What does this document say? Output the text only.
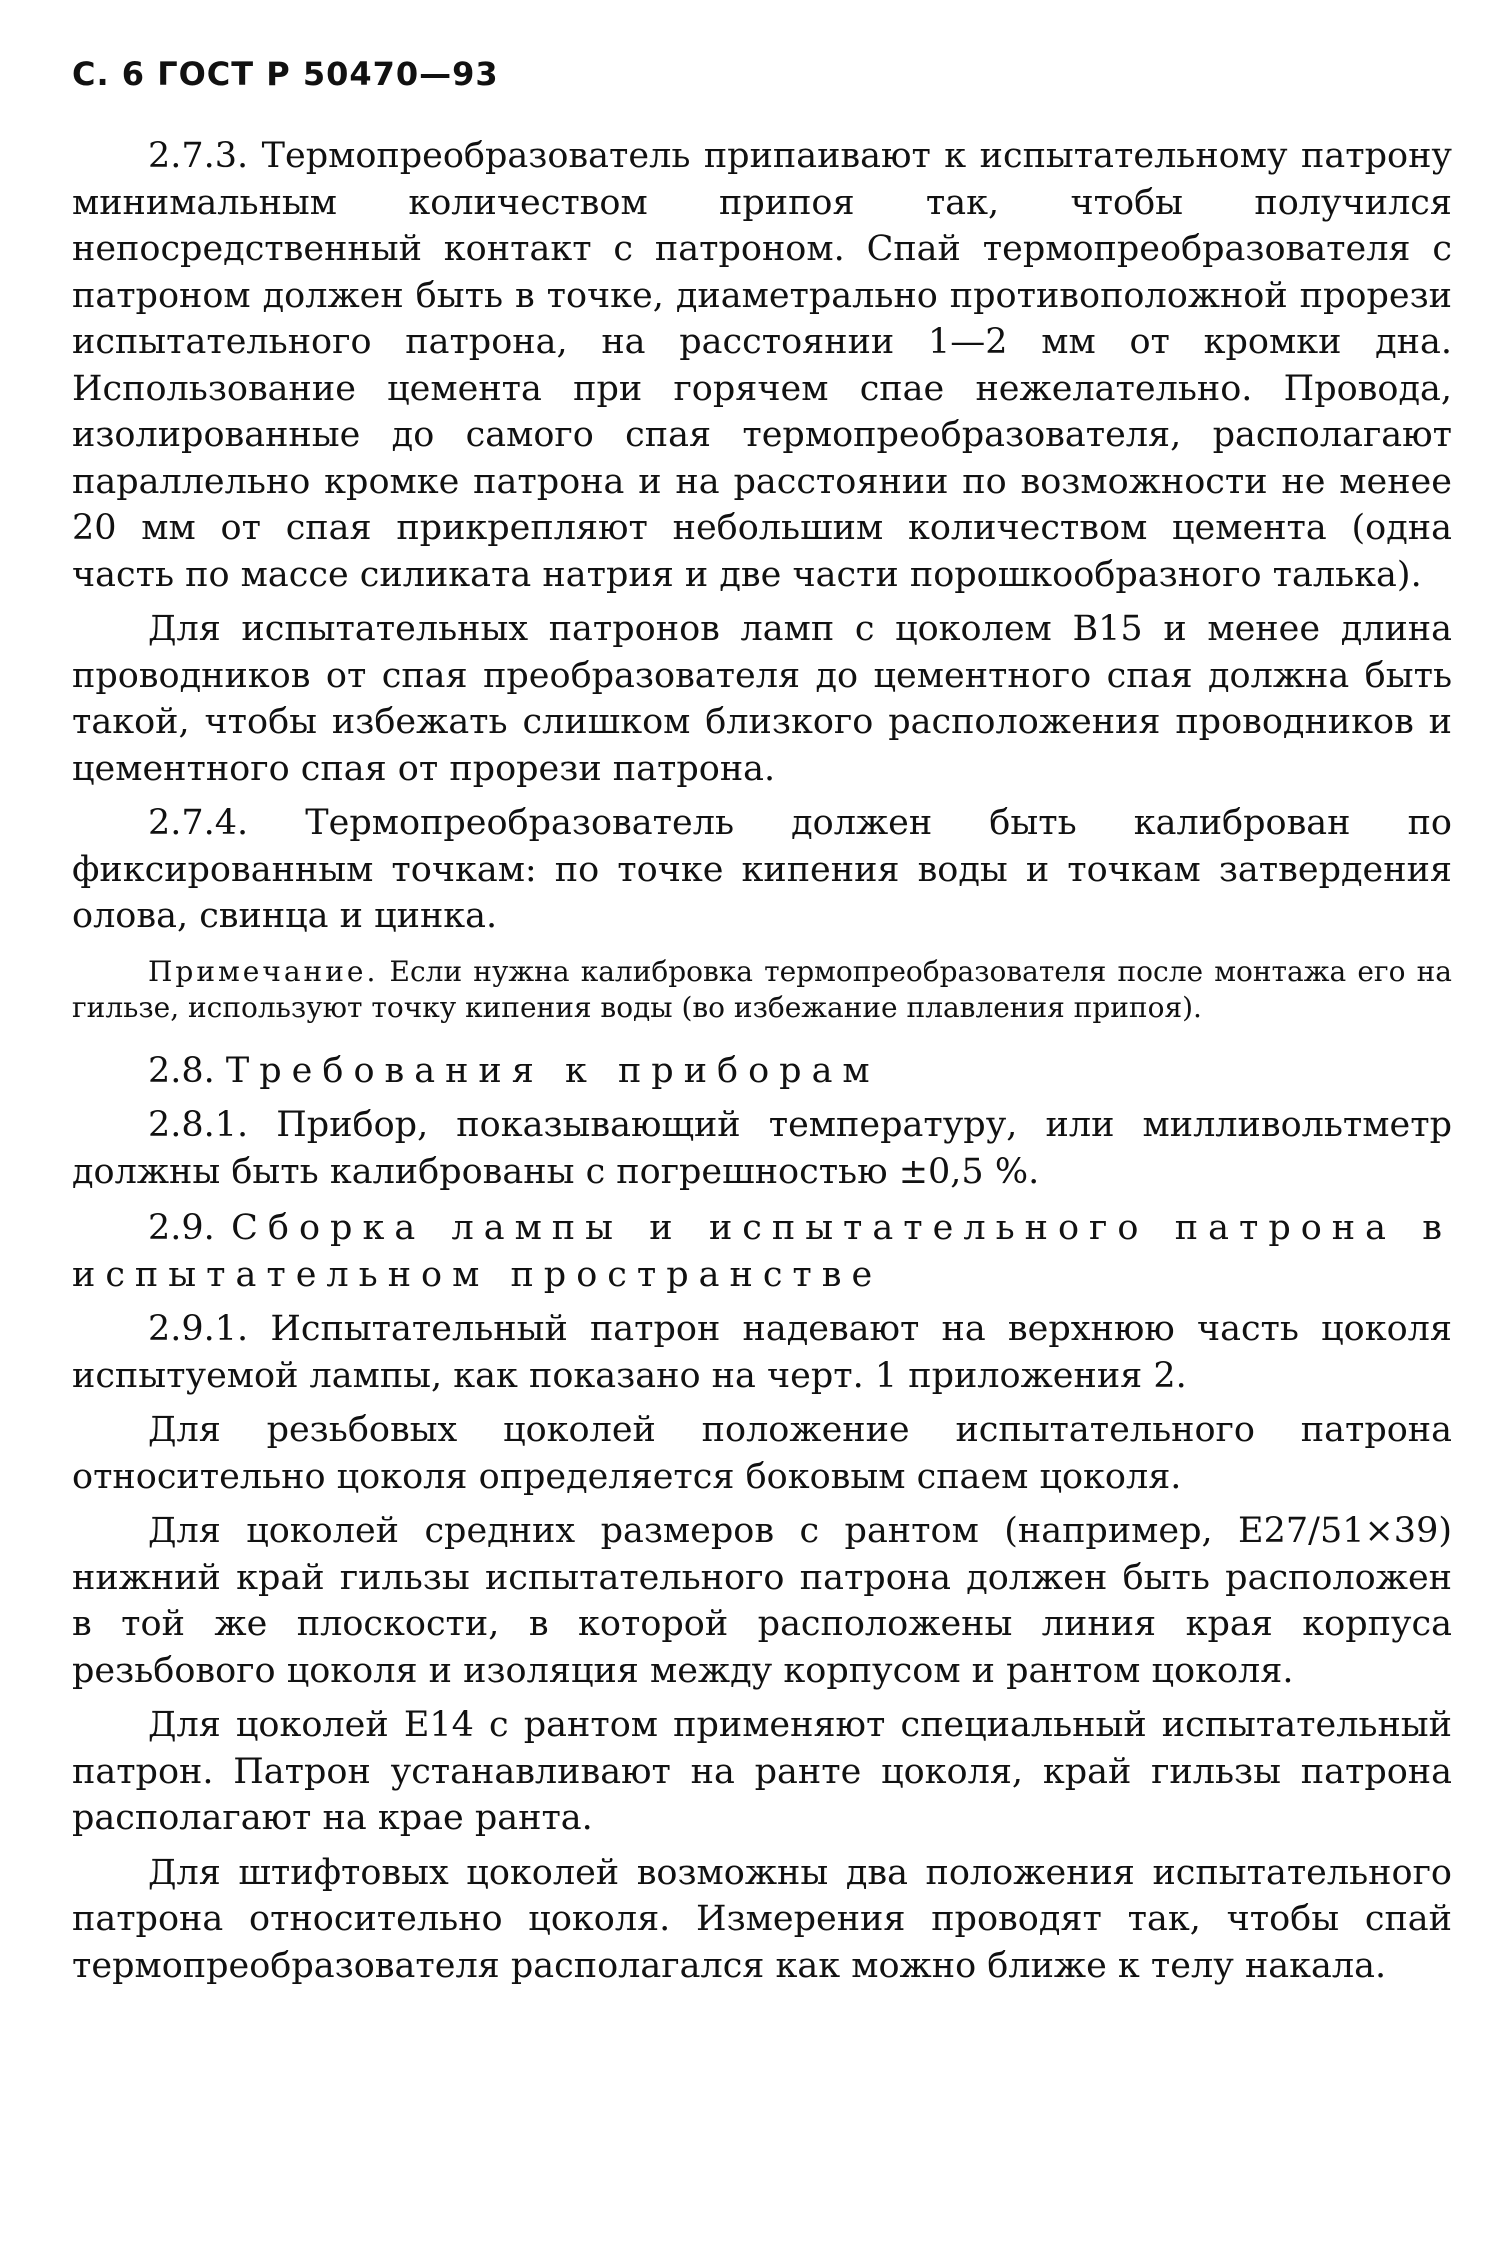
С. 6 ГОСТ Р 50470—93

2.7.3. Термопреобразователь припаивают к испытательному патрону минимальным количеством припоя так, чтобы получился непосредственный контакт с патроном. Спай термопреобразователя с патроном должен быть в точке, диаметрально противоположной прорези испытательного патрона, на расстоянии 1—2 мм от кромки дна. Использование цемента при горячем спае нежелательно. Провода, изолированные до самого спая термопреобразователя, располагают параллельно кромке патрона и на расстоянии по возможности не менее 20 мм от спая прикрепляют небольшим количеством цемента (одна часть по массе силиката натрия и две части порошкообразного талька).

Для испытательных патронов ламп с цоколем В15 и менее длина проводников от спая преобразователя до цементного спая должна быть такой, чтобы избежать слишком близкого расположения проводников и цементного спая от прорези патрона.

2.7.4. Термопреобразователь должен быть калиброван по фиксированным точкам: по точке кипения воды и точкам затвердения олова, свинца и цинка.

Примечание. Если нужна калибровка термопреобразователя после монтажа его на гильзе, используют точку кипения воды (во избежание плавления припоя).

2.8. Требования к приборам

2.8.1. Прибор, показывающий температуру, или милливольтметр должны быть калиброваны с погрешностью ±0,5 %.

2.9. Сборка лампы и испытательного патрона в испытательном пространстве

2.9.1. Испытательный патрон надевают на верхнюю часть цоколя испытуемой лампы, как показано на черт. 1 приложения 2.

Для резьбовых цоколей положение испытательного патрона относительно цоколя определяется боковым спаем цоколя.

Для цоколей средних размеров с рантом (например, Е27/51×39) нижний край гильзы испытательного патрона должен быть расположен в той же плоскости, в которой расположены линия края корпуса резьбового цоколя и изоляция между корпусом и рантом цоколя.

Для цоколей Е14 с рантом применяют специальный испытательный патрон. Патрон устанавливают на ранте цоколя, край гильзы патрона располагают на крае ранта.

Для штифтовых цоколей возможны два положения испытательного патрона относительно цоколя. Измерения проводят так, чтобы спай термопреобразователя располагался как можно ближе к телу накала.
